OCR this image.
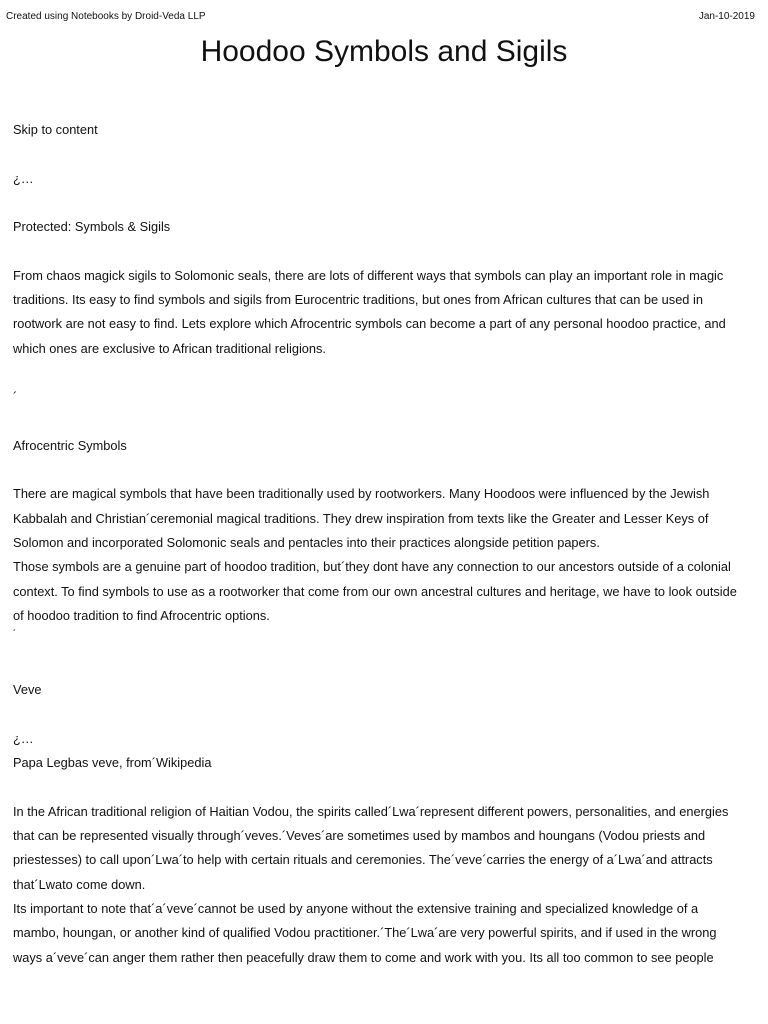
Created using Notebooks by Droid-Veda LLP	Jan-10-2019
Hoodoo Symbols and Sigils

Skip to content

¿…

Protected: Symbols & Sigils

From chaos magick sigils to Solomonic seals, there are lots of different ways that symbols can play an important role in magic

traditions. Its easy to find symbols and sigils from Eurocentric traditions, but ones from African cultures that can be used in

rootwork are not easy to find. Lets explore which Afrocentric symbols can become a part of any personal hoodoo practice, and

which ones are exclusive to African traditional religions.

´

Afrocentric Symbols

There are magical symbols that have been traditionally used by rootworkers. Many Hoodoos were influenced by the Jewish

Kabbalah and Christian´ceremonial magical traditions. They drew inspiration from texts like the Greater and Lesser Keys of

Solomon and incorporated Solomonic seals and pentacles into their practices alongside petition papers.

Those symbols are a genuine part of hoodoo tradition, but´they dont have any connection to our ancestors outside of a colonial

context. To find symbols to use as a rootworker that come from our own ancestral cultures and heritage, we have to look outside

of hoodoo tradition to find Afrocentric options.

´

Veve

¿…

Papa Legbas veve, from´Wikipedia

In the African traditional religion of Haitian Vodou, the spirits called´Lwa´represent different powers, personalities, and energies

that can be represented visually through´veves.´Veves´are sometimes used by mambos and houngans (Vodou priests and

priestesses) to call upon´Lwa´to help with certain rituals and ceremonies. The´veve´carries the energy of a´Lwa´and attracts

that´Lwato come down.

Its important to note that´a´veve´cannot be used by anyone without the extensive training and specialized knowledge of a

mambo, houngan, or another kind of qualified Vodou practitioner.´The´Lwa´are very powerful spirits, and if used in the wrong

ways a´veve´can anger them rather then peacefully draw them to come and work with you. Its all too common to see people
